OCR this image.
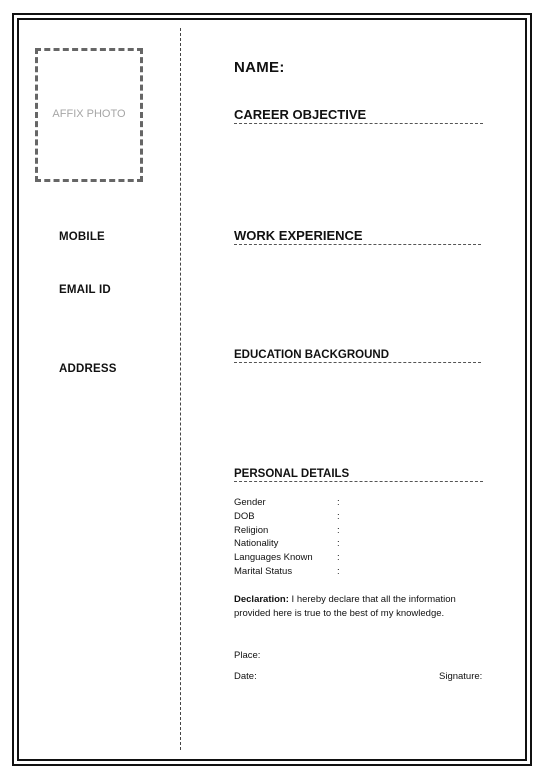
AFFIX PHOTO
MOBILE
EMAIL ID
ADDRESS
NAME:
CAREER OBJECTIVE
WORK EXPERIENCE
EDUCATION BACKGROUND
PERSONAL DETAILS
Gender	:
DOB	:
Religion	:
Nationality	:
Languages Known	:
Marital Status	:
Declaration: I hereby declare that all the information provided here is true to the best of my knowledge.
Place:
Date:	Signature:
